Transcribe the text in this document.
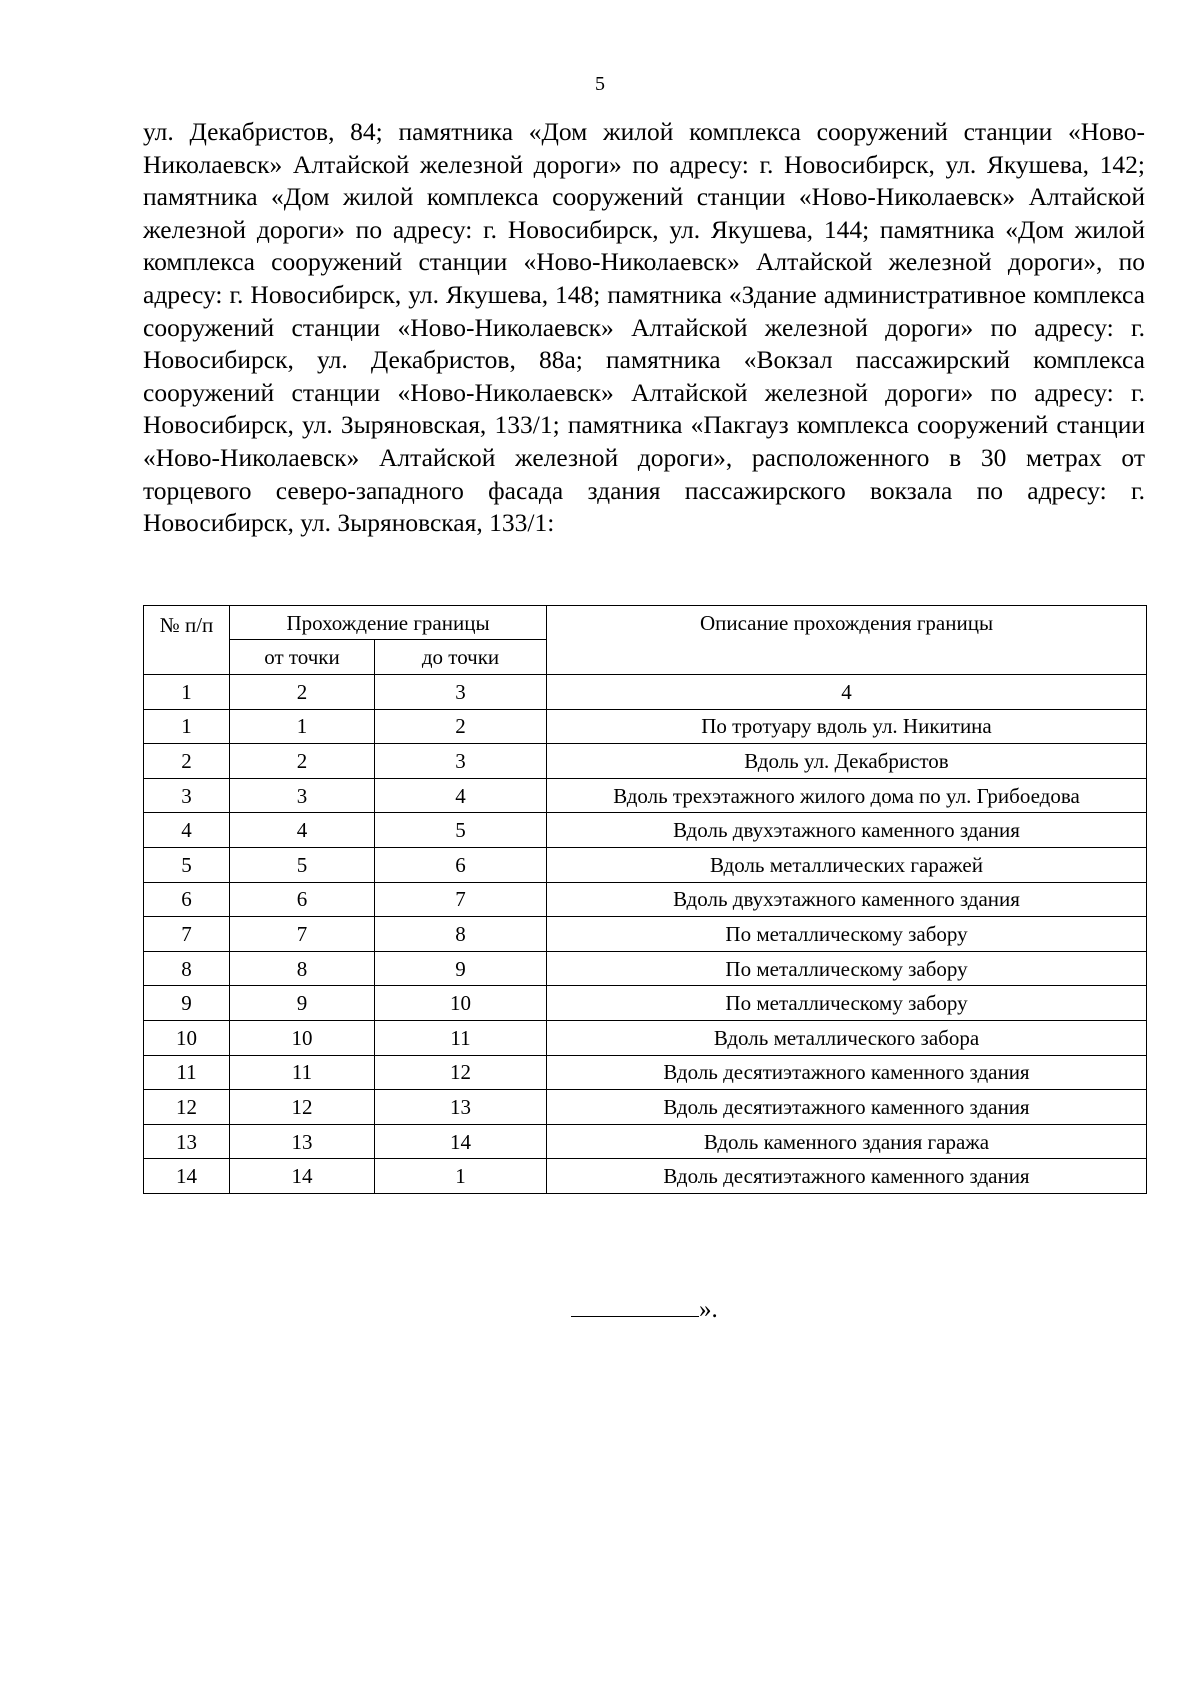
5

ул. Декабристов, 84; памятника «Дом жилой комплекса сооружений станции «Ново-Николаевск» Алтайской железной дороги» по адресу: г. Новосибирск, ул. Якушева, 142; памятника «Дом жилой комплекса сооружений станции «Ново-Николаевск» Алтайской железной дороги» по адресу: г. Новосибирск, ул. Якушева, 144; памятника «Дом жилой комплекса сооружений станции «Ново-Николаевск» Алтайской железной дороги», по адресу: г. Новосибирск, ул. Якушева, 148; памятника «Здание административное комплекса сооружений станции «Ново-Николаевск» Алтайской железной дороги» по адресу: г. Новосибирск, ул. Декабристов, 88а; памятника «Вокзал пассажирский комплекса сооружений станции «Ново-Николаевск» Алтайской железной дороги» по адресу: г. Новосибирск, ул. Зыряновская, 133/1; памятника «Пакгауз комплекса сооружений станции «Ново-Николаевск» Алтайской железной дороги», расположенного в 30 метрах от торцевого северо-западного фасада здания пассажирского вокзала по адресу: г. Новосибирск, ул. Зыряновская, 133/1:

№ п/п	Прохождение границы		Описание прохождения границы
	от точки	до точки	
1	2	3	4
1	1	2	По тротуару вдоль ул. Никитина
2	2	3	Вдоль ул. Декабристов
3	3	4	Вдоль трехэтажного жилого дома по ул. Грибоедова
4	4	5	Вдоль двухэтажного каменного здания
5	5	6	Вдоль металлических гаражей
6	6	7	Вдоль двухэтажного каменного здания
7	7	8	По металлическому забору
8	8	9	По металлическому забору
9	9	10	По металлическому забору
10	10	11	Вдоль металлического забора
11	11	12	Вдоль десятиэтажного каменного здания
12	12	13	Вдоль десятиэтажного каменного здания
13	13	14	Вдоль каменного здания гаража
14	14	1	Вдоль десятиэтажного каменного здания
».
